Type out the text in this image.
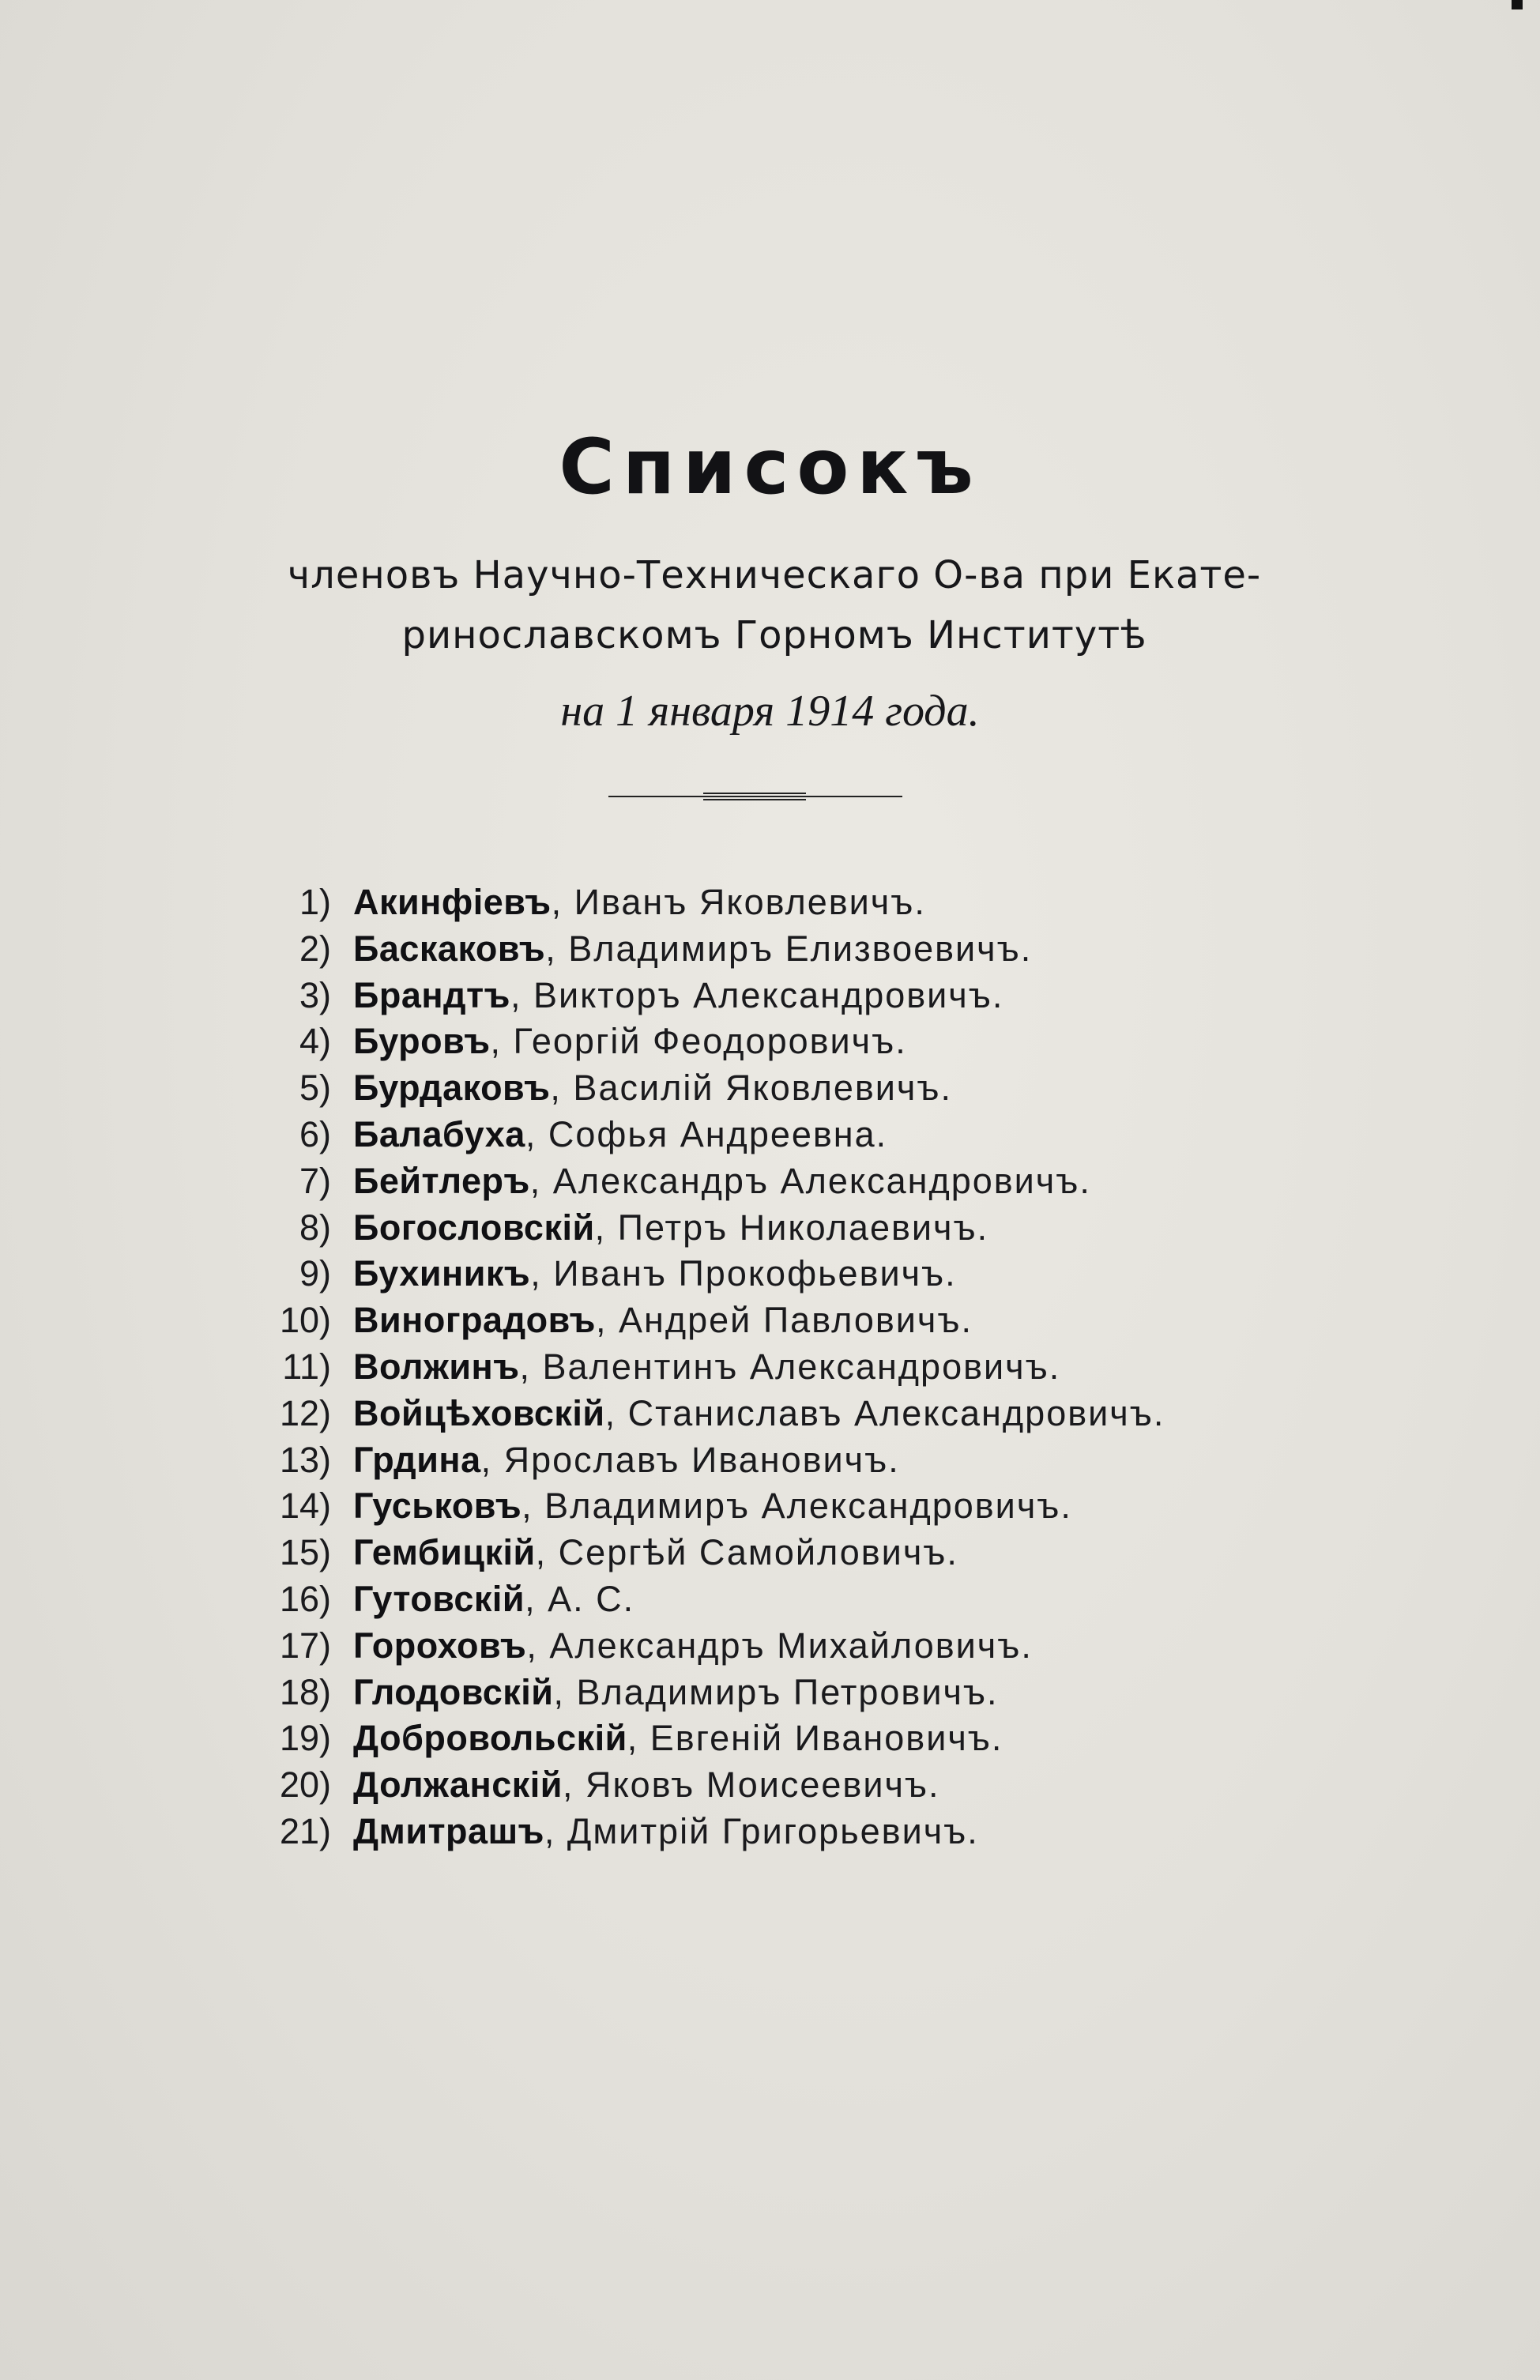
Списокъ
членовъ Научно-Техническаго О-ва при Екате-
ринославскомъ Горномъ Институтѣ
на 1 января 1914 года.
1) Акинфіевъ, Иванъ Яковлевичъ.
2) Баскаковъ, Владимиръ Елизвоевичъ.
3) Брандтъ, Викторъ Александровичъ.
4) Буровъ, Георгій Феодоровичъ.
5) Бурдаковъ, Василій Яковлевичъ.
6) Балабуха, Софья Андреевна.
7) Бейтлеръ, Александръ Александровичъ.
8) Богословскій, Петръ Николаевичъ.
9) Бухиникъ, Иванъ Прокофьевичъ.
10) Виноградовъ, Андрей Павловичъ.
11) Волжинъ, Валентинъ Александровичъ.
12) Войцѣховскій, Станиславъ Александровичъ.
13) Грдина, Ярославъ Ивановичъ.
14) Гуськовъ, Владимиръ Александровичъ.
15) Гембицкій, Сергѣй Самойловичъ.
16) Гутовскій, А. С.
17) Гороховъ, Александръ Михайловичъ.
18) Глодовскій, Владимиръ Петровичъ.
19) Добровольскій, Евгеній Ивановичъ.
20) Должанскій, Яковъ Моисеевичъ.
21) Дмитрашъ, Дмитрій Григорьевичъ.
